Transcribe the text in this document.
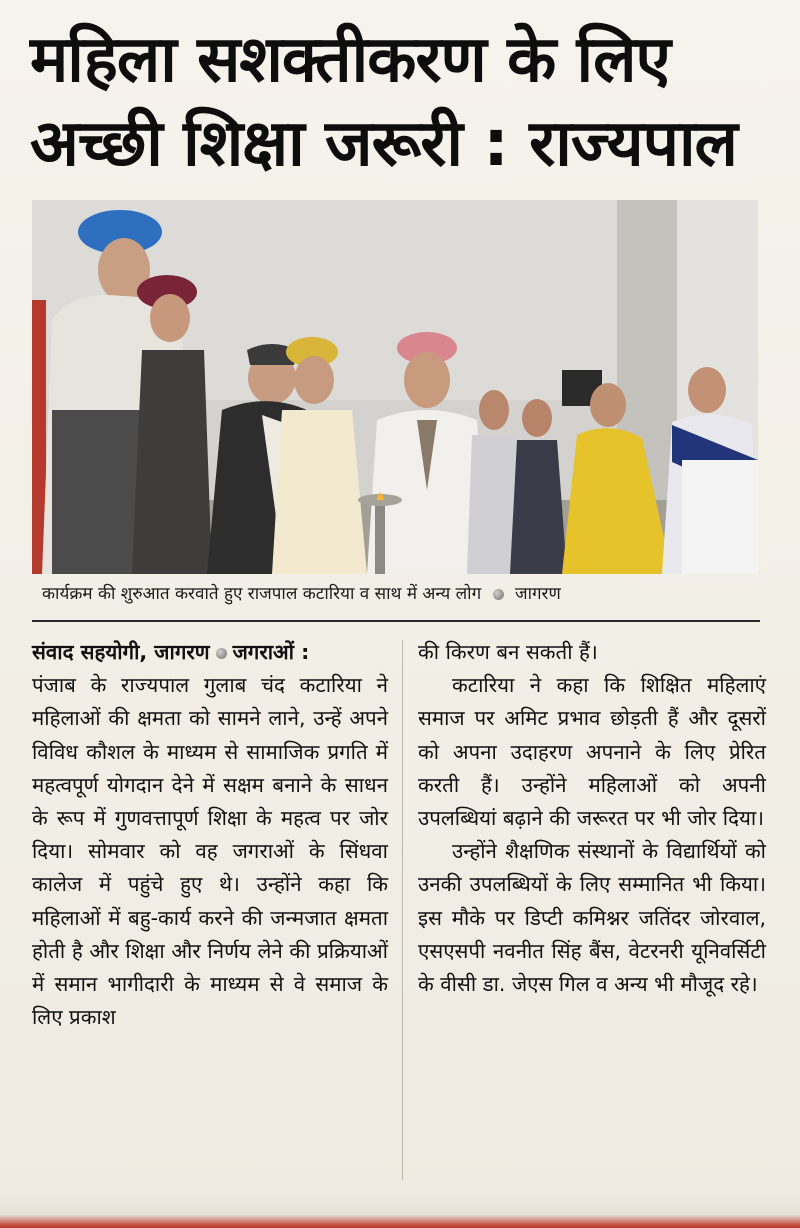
महिला सशक्तीकरण के लिए
अच्छी शिक्षा जरूरी : राज्यपाल
कार्यक्रम की शुरुआत करवाते हुए राजपाल कटारिया व साथ में अन्य लोग जागरण
संवाद सहयोगी, जागरण जगराओं :

पंजाब के राज्यपाल गुलाब चंद कटारिया ने महिलाओं की क्षमता को सामने लाने, उन्हें अपने विविध कौशल के माध्यम से सामाजिक प्रगति में महत्वपूर्ण योगदान देने में सक्षम बनाने के साधन के रूप में गुणवत्तापूर्ण शिक्षा के महत्व पर जोर दिया। सोमवार को वह जगराओं के सिंधवा कालेज में पहुंचे हुए थे। उन्होंने कहा कि महिलाओं में बहु-कार्य करने की जन्मजात क्षमता होती है और शिक्षा और निर्णय लेने की प्रक्रियाओं में समान भागीदारी के माध्यम से वे समाज के लिए प्रकाश

की किरण बन सकती हैं।

कटारिया ने कहा कि शिक्षित महिलाएं समाज पर अमिट प्रभाव छोड़ती हैं और दूसरों को अपना उदाहरण अपनाने के लिए प्रेरित करती हैं। उन्होंने महिलाओं को अपनी उपलब्धियां बढ़ाने की जरूरत पर भी जोर दिया।

उन्होंने शैक्षणिक संस्थानों के विद्यार्थियों को उनकी उपलब्धियों के लिए सम्मानित भी किया। इस मौके पर डिप्टी कमिश्नर जतिंदर जोरवाल, एसएसपी नवनीत सिंह बैंस, वेटरनरी यूनिवर्सिटी के वीसी डा. जेएस गिल व अन्य भी मौजूद रहे।
